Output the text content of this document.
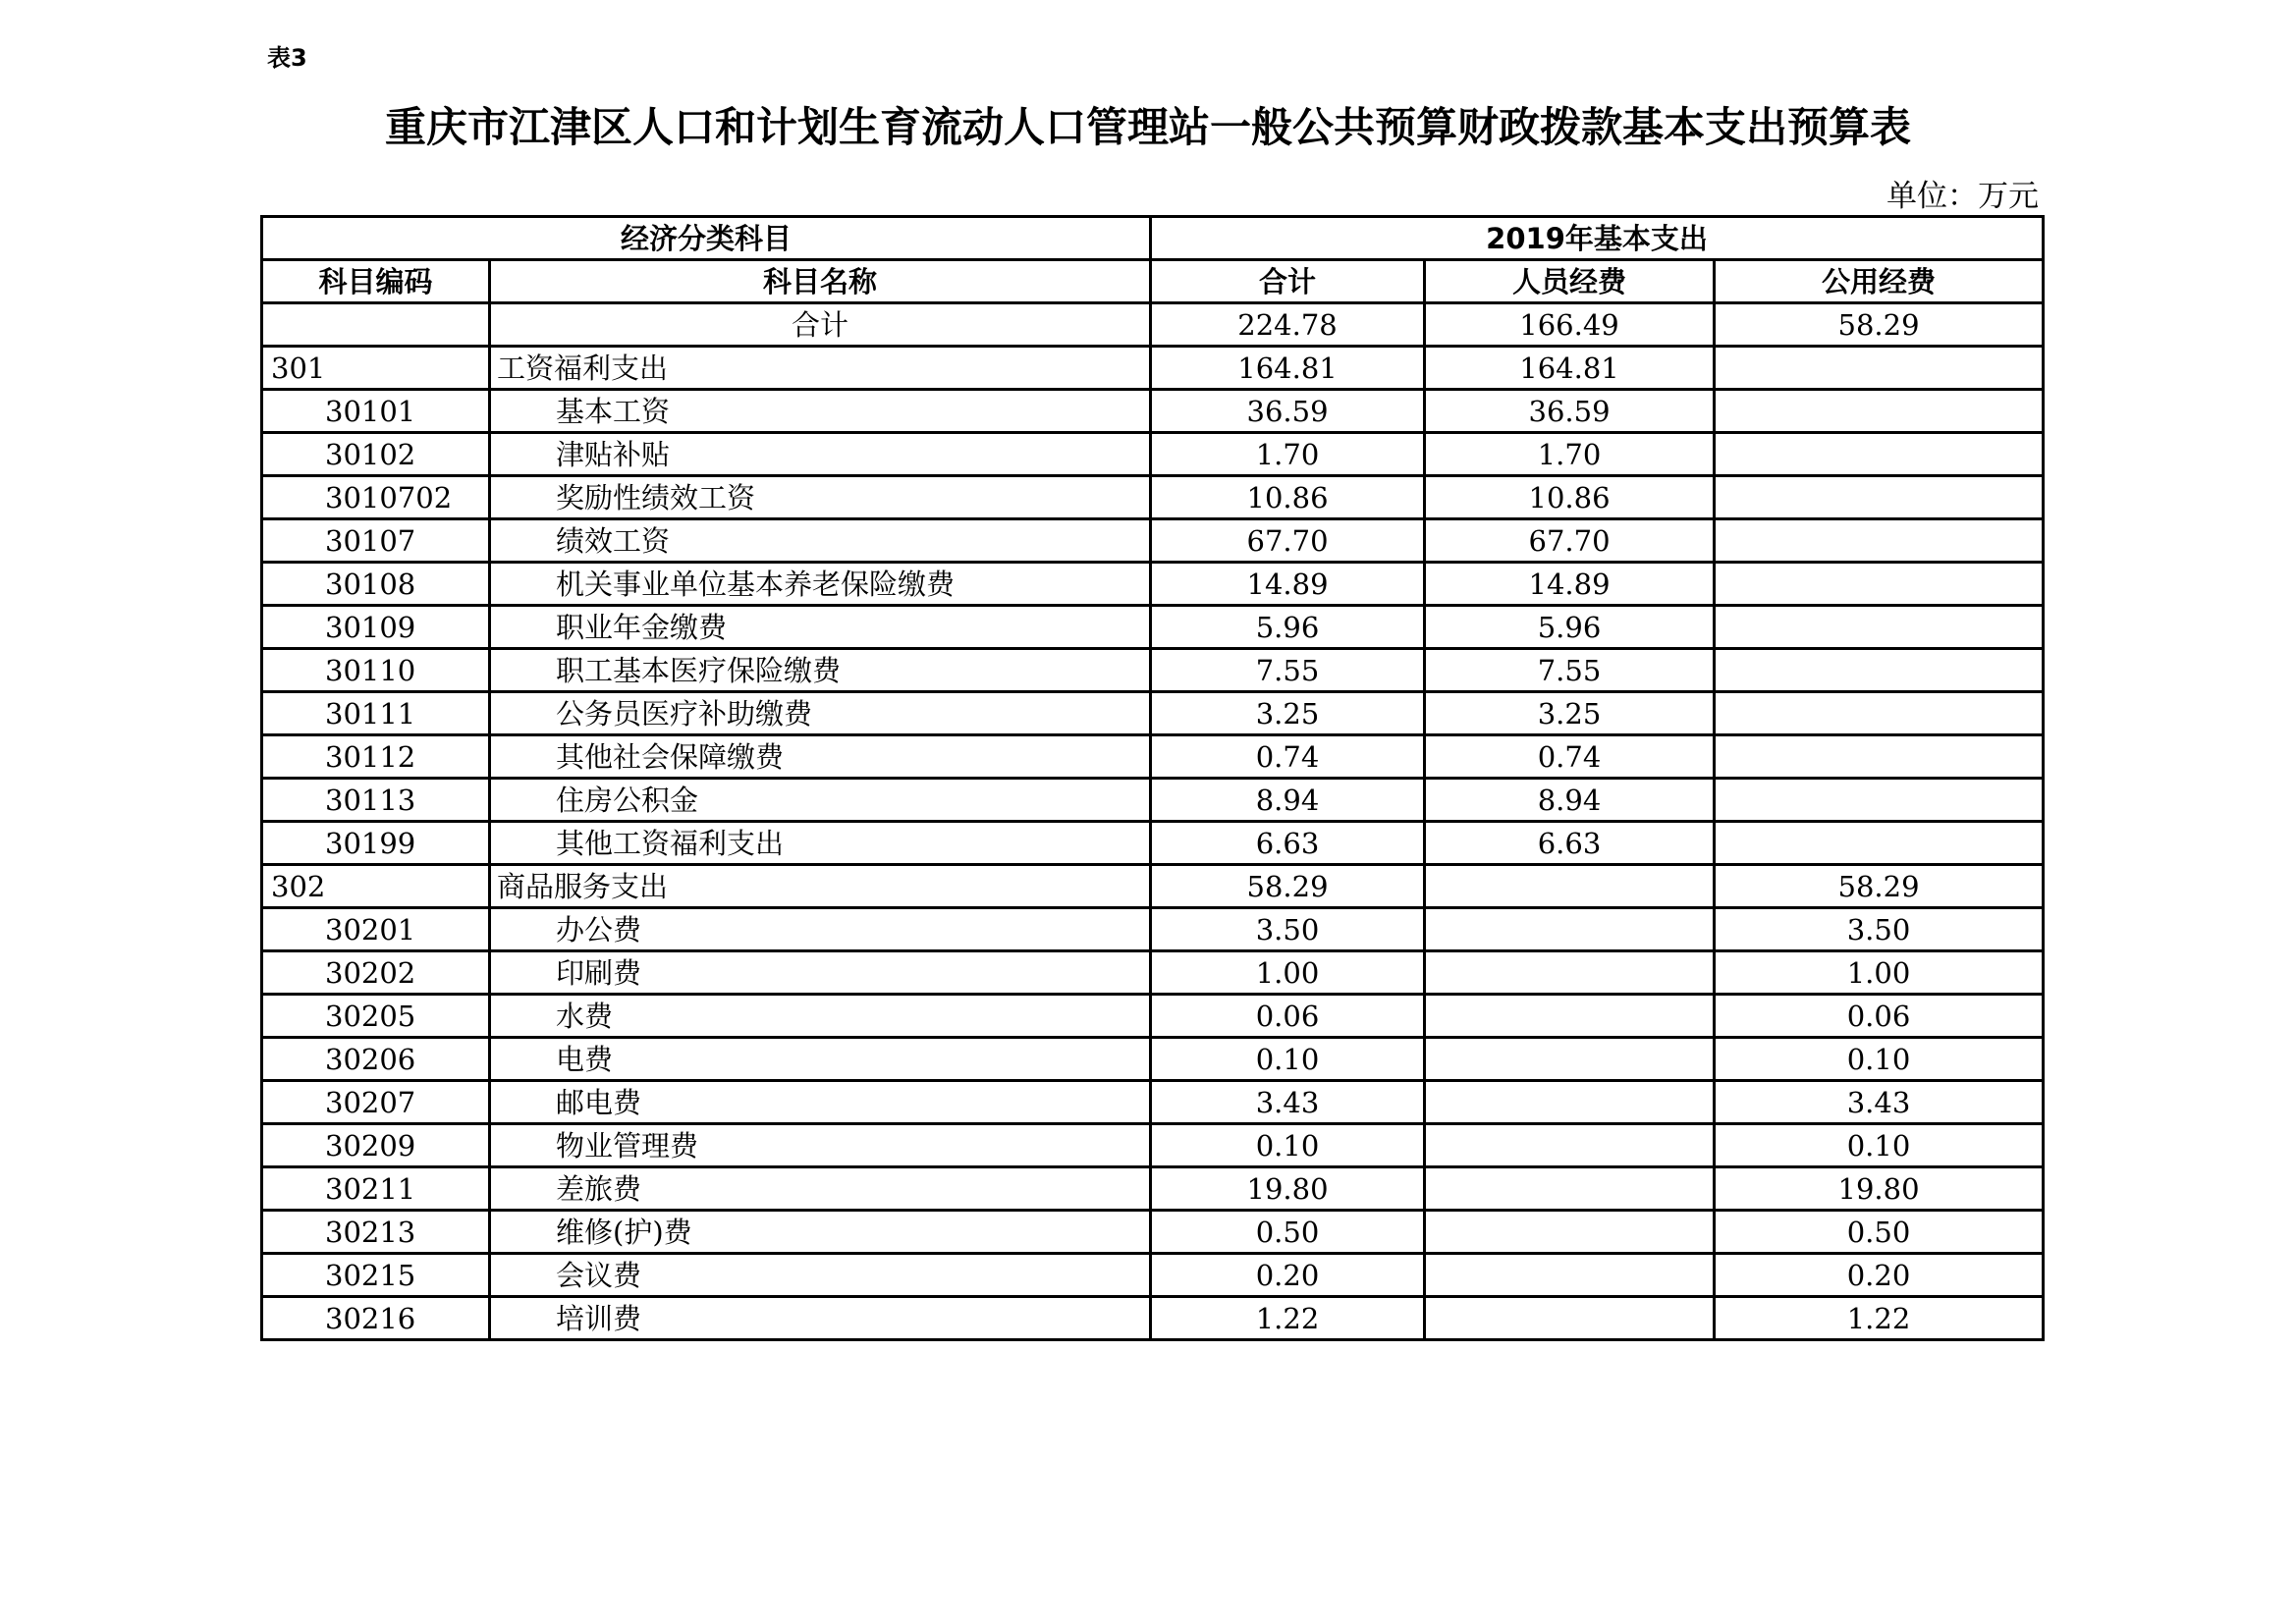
表3
重庆市江津区人口和计划生育流动人口管理站一般公共预算财政拨款基本支出预算表
单位：万元
经济分类科目		2019年基本支出		
科目编码	科目名称	合计	人员经费	公用经费
	合计	224.78	166.49	58.29
301	工资福利支出	164.81	164.81	
30101	基本工资	36.59	36.59	
30102	津贴补贴	1.70	1.70	
3010702	奖励性绩效工资	10.86	10.86	
30107	绩效工资	67.70	67.70	
30108	机关事业单位基本养老保险缴费	14.89	14.89	
30109	职业年金缴费	5.96	5.96	
30110	职工基本医疗保险缴费	7.55	7.55	
30111	公务员医疗补助缴费	3.25	3.25	
30112	其他社会保障缴费	0.74	0.74	
30113	住房公积金	8.94	8.94	
30199	其他工资福利支出	6.63	6.63	
302	商品服务支出	58.29		58.29
30201	办公费	3.50		3.50
30202	印刷费	1.00		1.00
30205	水费	0.06		0.06
30206	电费	0.10		0.10
30207	邮电费	3.43		3.43
30209	物业管理费	0.10		0.10
30211	差旅费	19.80		19.80
30213	维修(护)费	0.50		0.50
30215	会议费	0.20		0.20
30216	培训费	1.22		1.22
